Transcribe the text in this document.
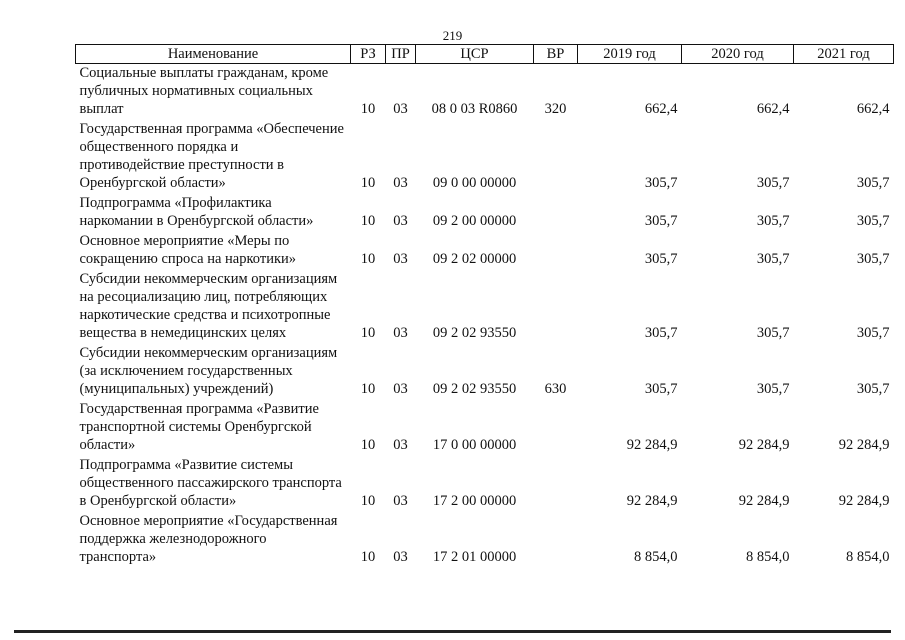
219
Наименование	РЗ	ПР	ЦСР	ВР	2019 год	2020 год	2021 год
Социальные выплаты гражданам, кроме публичных нормативных социальных выплат	10	03	08 0 03 R0860	320	662,4	662,4	662,4
Государственная программа «Обеспечение общественного порядка и противодействие преступности в Оренбургской области»	10	03	09 0 00 00000		305,7	305,7	305,7
Подпрограмма «Профилактика наркомании в Оренбургской области»	10	03	09 2 00 00000		305,7	305,7	305,7
Основное мероприятие «Меры по сокращению спроса на наркотики»	10	03	09 2 02 00000		305,7	305,7	305,7
Субсидии некоммерческим организациям на ресоциализацию лиц, потребляющих наркотические средства и психотропные вещества в немедицинских целях	10	03	09 2 02 93550		305,7	305,7	305,7
Субсидии некоммерческим организациям (за исключением государственных (муниципальных) учреждений)	10	03	09 2 02 93550	630	305,7	305,7	305,7
Государственная программа «Развитие транспортной системы Оренбургской области»	10	03	17 0 00 00000		92 284,9	92 284,9	92 284,9
Подпрограмма «Развитие системы общественного пассажирского транспорта в Оренбургской области»	10	03	17 2 00 00000		92 284,9	92 284,9	92 284,9
Основное мероприятие «Государственная поддержка железнодорожного транспорта»	10	03	17 2 01 00000		8 854,0	8 854,0	8 854,0
